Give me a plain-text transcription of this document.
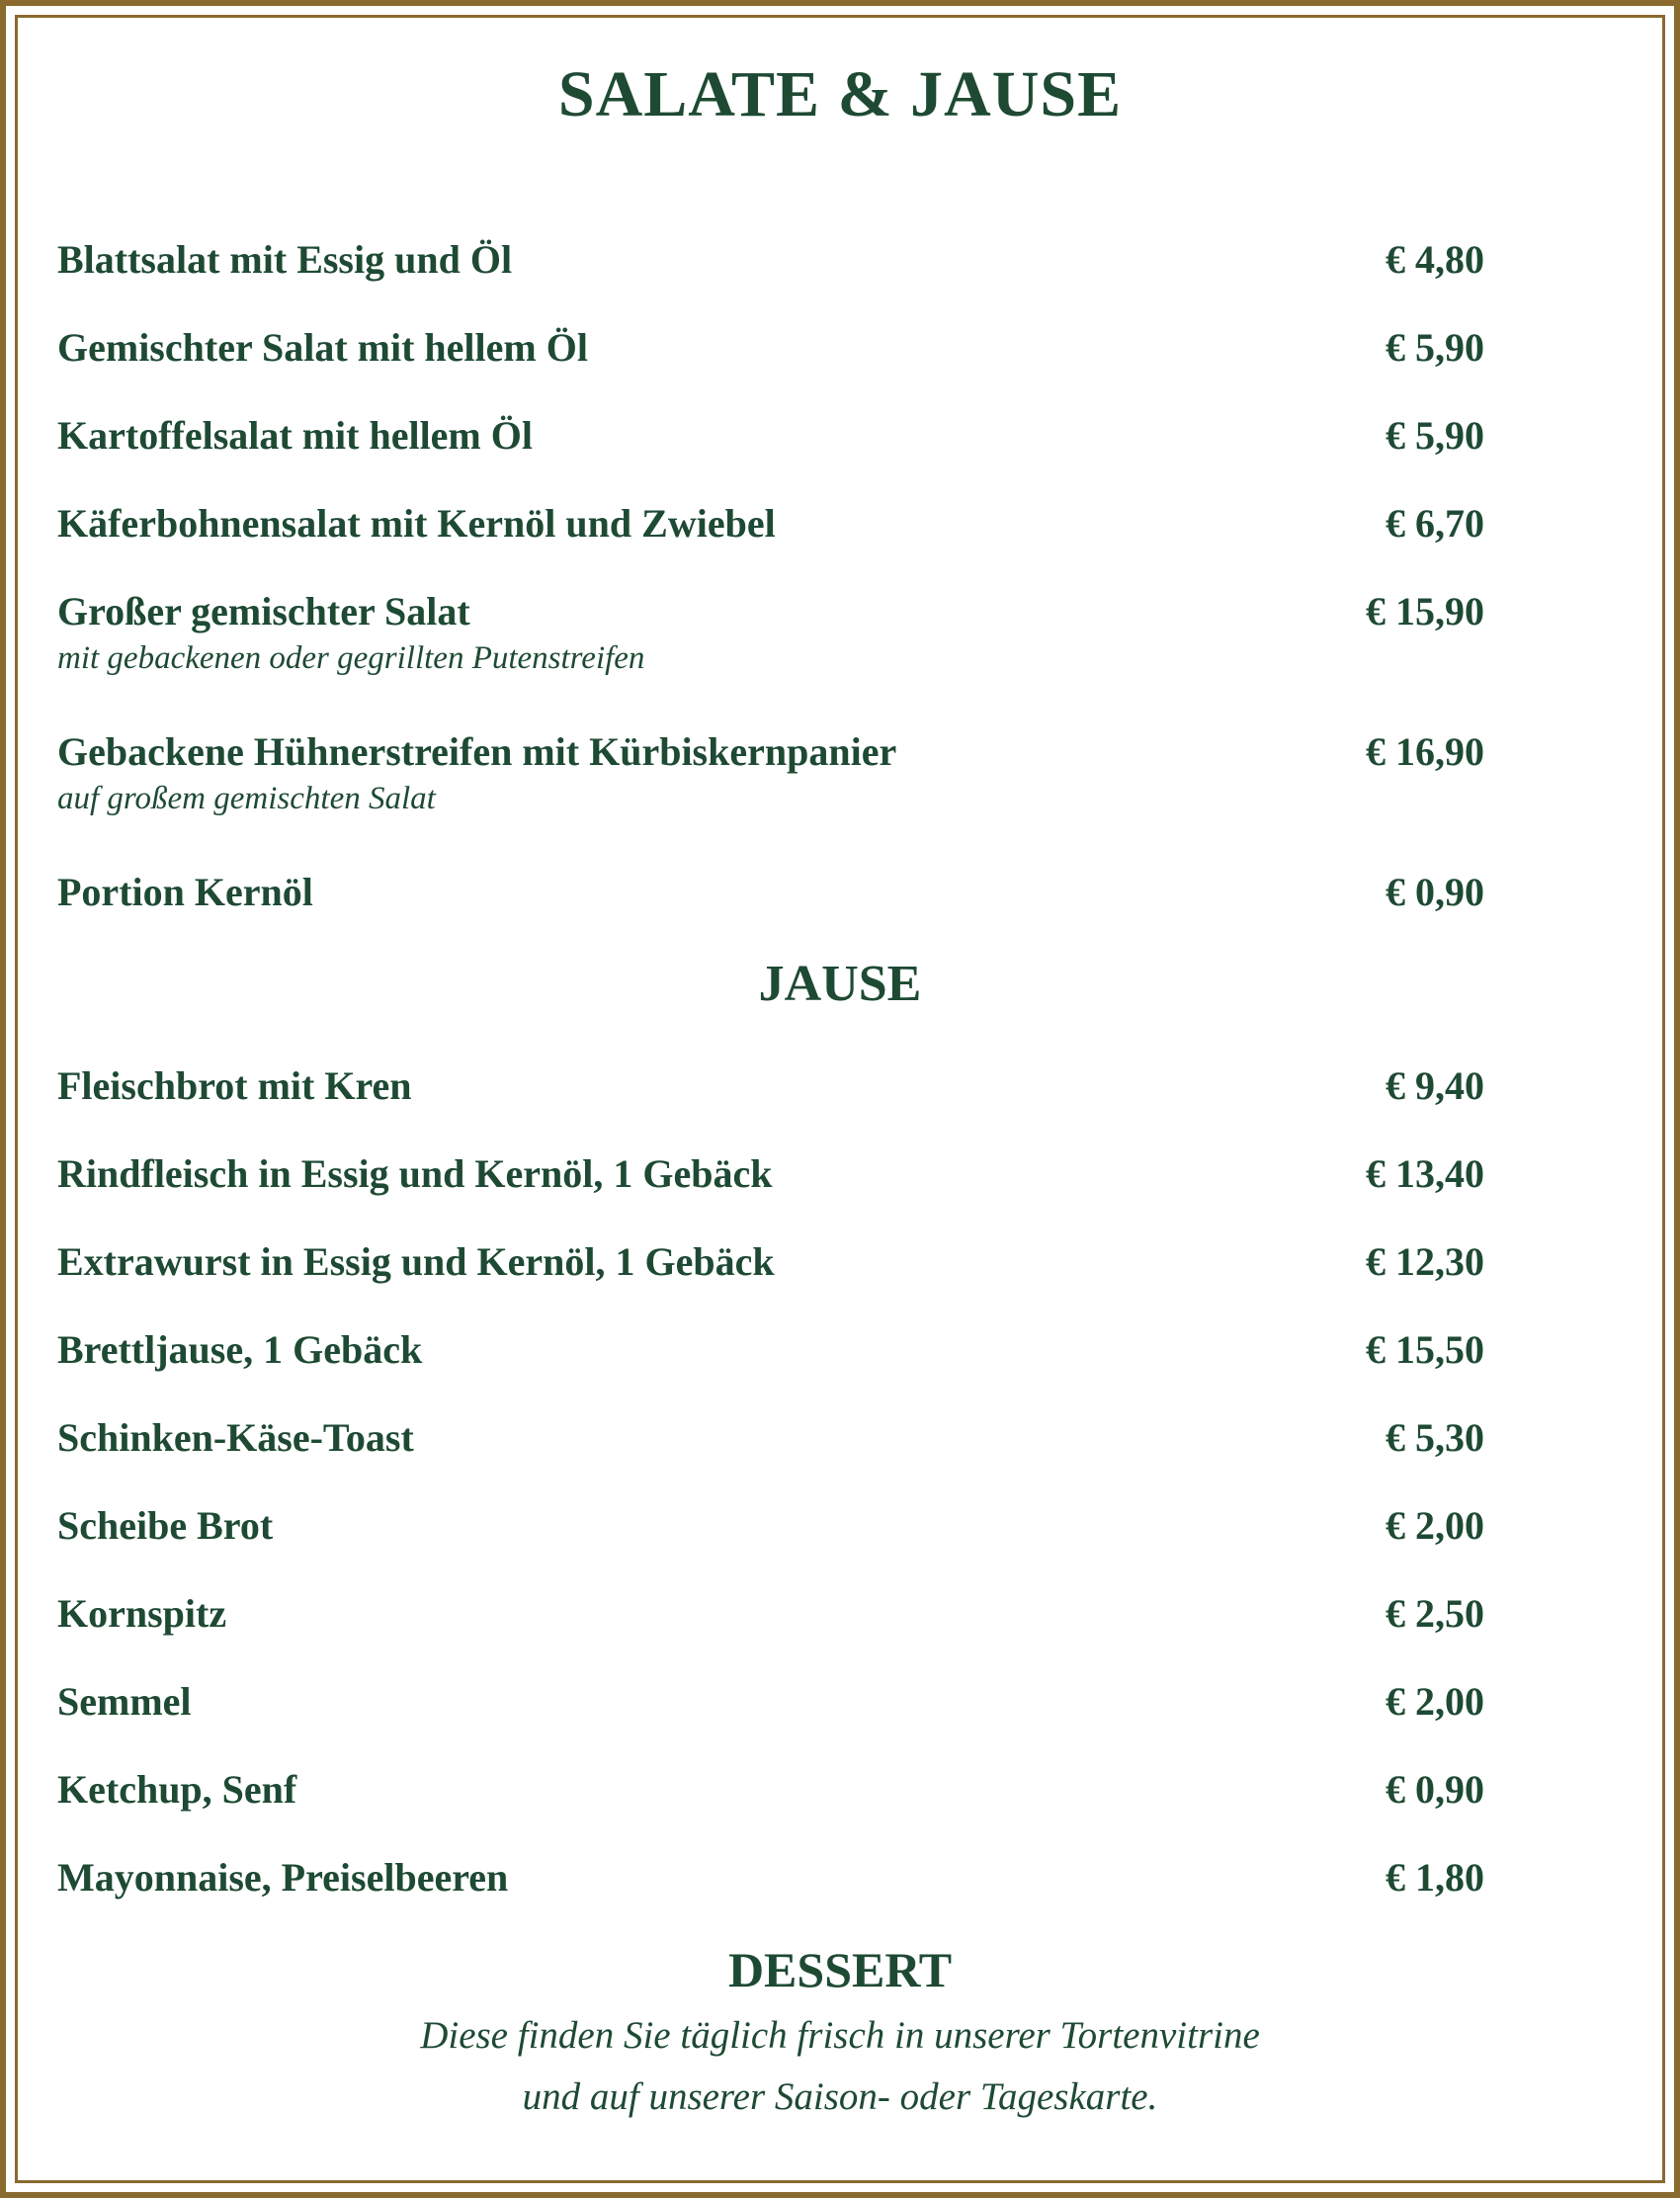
SALATE & JAUSE
Blattsalat mit Essig und Öl	€ 4,80
Gemischter Salat mit hellem Öl	€ 5,90
Kartoffelsalat mit hellem Öl	€ 5,90
Käferbohnensalat mit Kernöl und Zwiebel	€ 6,70
Großer gemischter Salat	€ 15,90
mit gebackenen oder gegrillten Putenstreifen
Gebackene Hühnerstreifen mit Kürbiskernpanier	€ 16,90
auf großem gemischten Salat
Portion Kernöl	€ 0,90
JAUSE
Fleischbrot mit Kren	€ 9,40
Rindfleisch in Essig und Kernöl, 1 Gebäck	€ 13,40
Extrawurst in Essig und Kernöl, 1 Gebäck	€ 12,30
Brettljause, 1 Gebäck	€ 15,50
Schinken-Käse-Toast	€ 5,30
Scheibe Brot	€ 2,00
Kornspitz	€ 2,50
Semmel	€ 2,00
Ketchup, Senf	€ 0,90
Mayonnaise, Preiselbeeren	€ 1,80
DESSERT
Diese finden Sie täglich frisch in unserer Tortenvitrine
und auf unserer Saison- oder Tageskarte.
